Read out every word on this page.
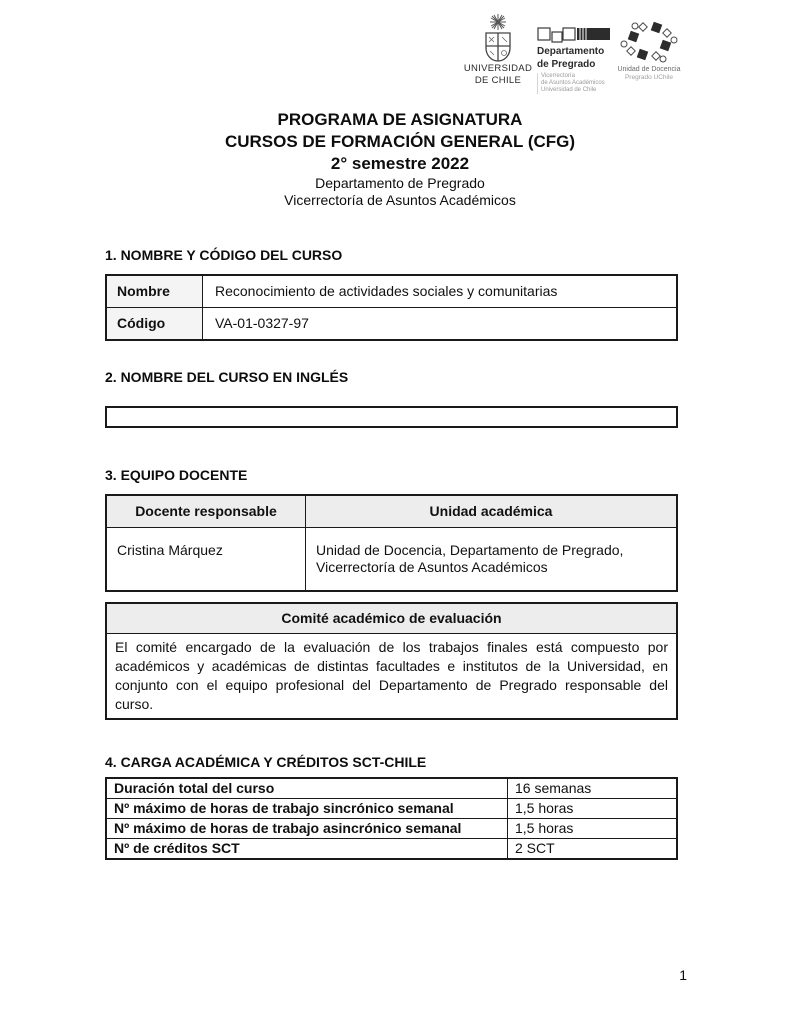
UNIVERSIDAD
DE CHILE
Departamento
de Pregrado
Vicerrectoría
de Asuntos Académicos
Universidad de Chile
Unidad de Docencia
Pregrado UChile
PROGRAMA DE ASIGNATURA
CURSOS DE FORMACIÓN GENERAL (CFG)
2° semestre 2022
Departamento de Pregrado
Vicerrectoría de Asuntos Académicos
1. NOMBRE Y CÓDIGO DEL CURSO
Nombre	Reconocimiento de actividades sociales y comunitarias
Código	VA-01-0327-97
2. NOMBRE DEL CURSO EN INGLÉS
3. EQUIPO DOCENTE
Docente responsable	Unidad académica
Cristina Márquez	Unidad de Docencia, Departamento de Pregrado, Vicerrectoría de Asuntos Académicos
Comité académico de evaluación
El comité encargado de la evaluación de los trabajos finales está compuesto por académicos y académicas de distintas facultades e institutos de la Universidad, en conjunto con el equipo profesional del Departamento de Pregrado responsable del curso.
4. CARGA ACADÉMICA Y CRÉDITOS SCT-CHILE
Duración total del curso	16 semanas
Nº máximo de horas de trabajo sincrónico semanal	1,5 horas
Nº máximo de horas de trabajo asincrónico semanal	1,5 horas
Nº de créditos SCT	2 SCT
1
